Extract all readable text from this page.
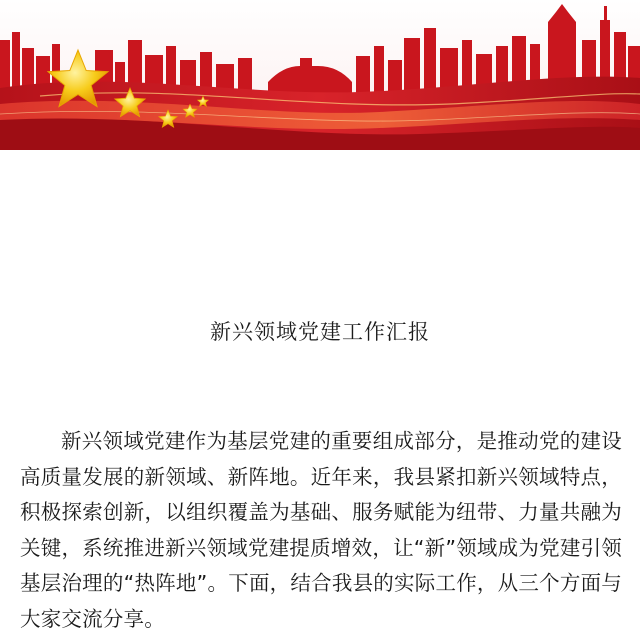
新兴领域党建工作汇报

新兴领域党建作为基层党建的重要组成部分，是推动党的建设高质量发展的新领域、新阵地。近年来，我县紧扣新兴领域特点，积极探索创新，以组织覆盖为基础、服务赋能为纽带、力量共融为关键，系统推进新兴领域党建提质增效，让“新”领域成为党建引领基层治理的“热阵地”。下面，结合我县的实际工作，从三个方面与大家交流分享。
